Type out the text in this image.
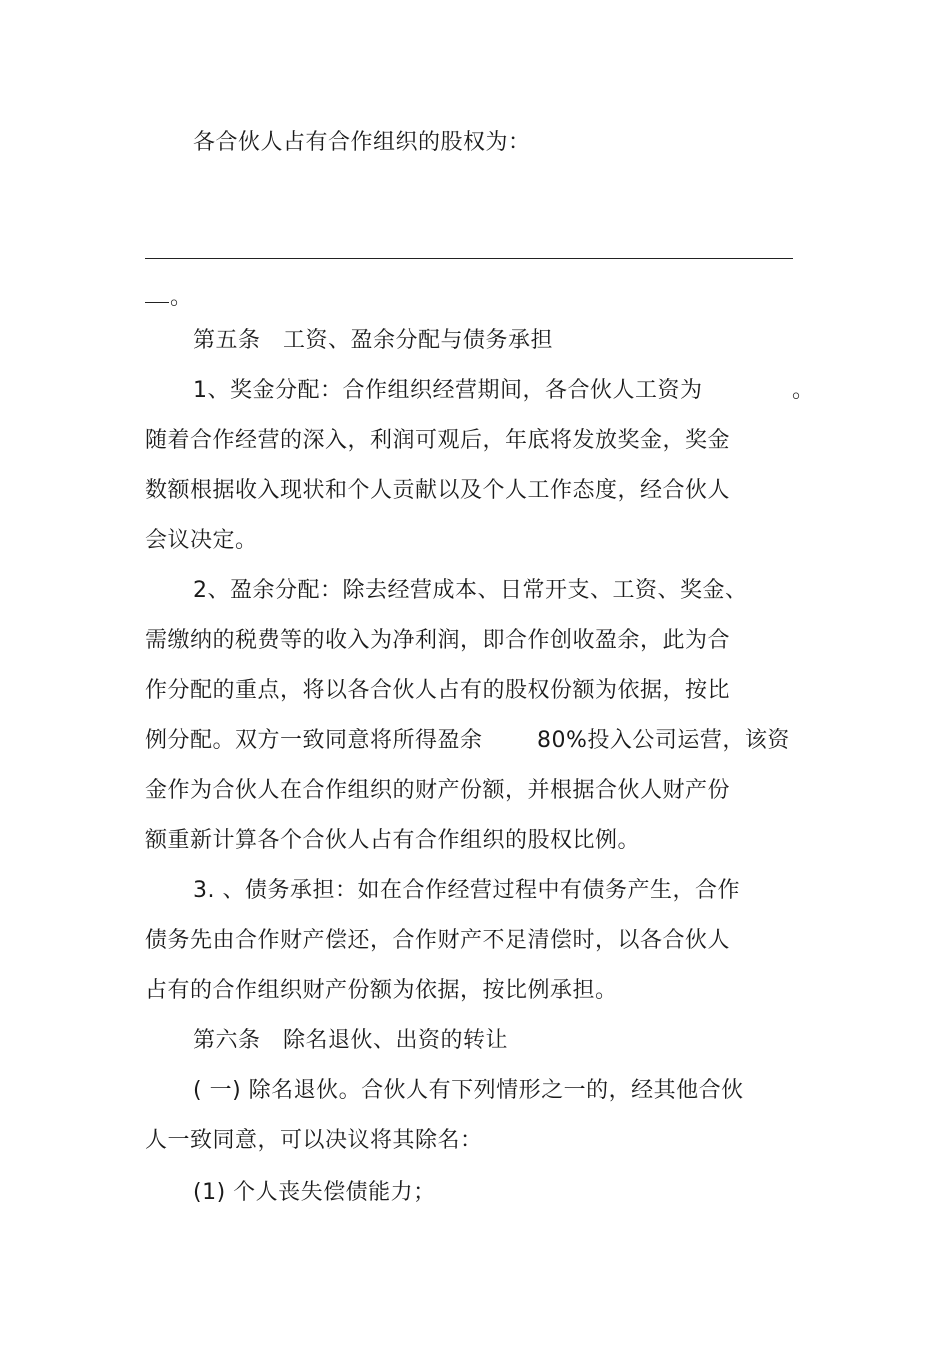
各合伙人占有合作组织的股权为：
。
第五条　工资、盈余分配与债务承担
1、奖金分配：合作组织经营期间，各合伙人工资为	。
随着合作经营的深入，利润可观后，年底将发放奖金，奖金
数额根据收入现状和个人贡献以及个人工作态度，经合伙人
会议决定。
2、盈余分配：除去经营成本、日常开支、工资、奖金、
需缴纳的税费等的收入为净利润，即合作创收盈余，此为合
作分配的重点，将以各合伙人占有的股权份额为依据，按比
例分配。双方一致同意将所得盈余 80%投入公司运营，该资
金作为合伙人在合作组织的财产份额，并根据合伙人财产份
额重新计算各个合伙人占有合作组织的股权比例。
3. 、债务承担：如在合作经营过程中有债务产生，合作
债务先由合作财产偿还，合作财产不足清偿时，以各合伙人
占有的合作组织财产份额为依据，按比例承担。
第六条　除名退伙、出资的转让
( 一) 除名退伙。合伙人有下列情形之一的，经其他合伙
人一致同意，可以决议将其除名：
(1) 个人丧失偿债能力；
